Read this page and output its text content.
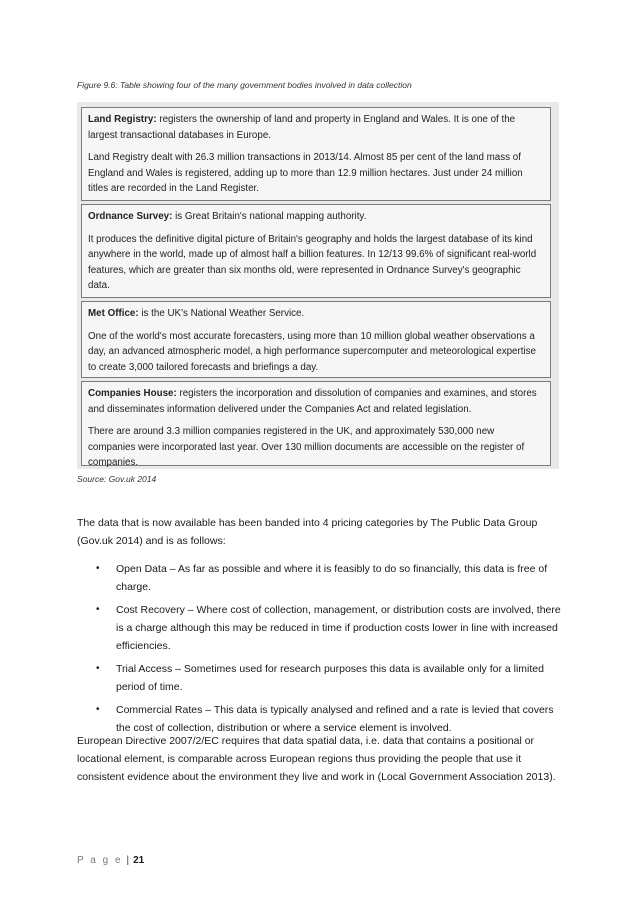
Figure 9.6: Table showing four of the many government bodies involved in data collection

Land Registry: registers the ownership of land and property in England and Wales. It is one of the largest transactional databases in Europe.

Land Registry dealt with 26.3 million transactions in 2013/14. Almost 85 per cent of the land mass of England and Wales is registered, adding up to more than 12.9 million hectares. Just under 24 million titles are recorded in the Land Register.

Ordnance Survey: is Great Britain's national mapping authority.

It produces the definitive digital picture of Britain's geography and holds the largest database of its kind anywhere in the world, made up of almost half a billion features. In 12/13 99.6% of significant real-world features, which are greater than six months old, were represented in Ordnance Survey's geographic data.

Met Office: is the UK's National Weather Service.

One of the world's most accurate forecasters, using more than 10 million global weather observations a day, an advanced atmospheric model, a high performance supercomputer and meteorological expertise to create 3,000 tailored forecasts and briefings a day.

Companies House: registers the incorporation and dissolution of companies and examines, and stores and disseminates information delivered under the Companies Act and related legislation.

There are around 3.3 million companies registered in the UK, and approximately 530,000 new companies were incorporated last year. Over 130 million documents are accessible on the register of companies.

Source: Gov.uk 2014

The data that is now available has been banded into 4 pricing categories by The Public Data Group (Gov.uk 2014) and is as follows:

• Open Data – As far as possible and where it is feasibly to do so financially, this data is free of charge.
• Cost Recovery – Where cost of collection, management, or distribution costs are involved, there is a charge although this may be reduced in time if production costs lower in line with increased efficiencies.
• Trial Access – Sometimes used for research purposes this data is available only for a limited period of time.
• Commercial Rates – This data is typically analysed and refined and a rate is levied that covers the cost of collection, distribution or where a service element is involved.

European Directive 2007/2/EC requires that data spatial data, i.e. data that contains a positional or locational element, is comparable across European regions thus providing the people that use it consistent evidence about the environment they live and work in (Local Government Association 2013).

P a g e | 21
